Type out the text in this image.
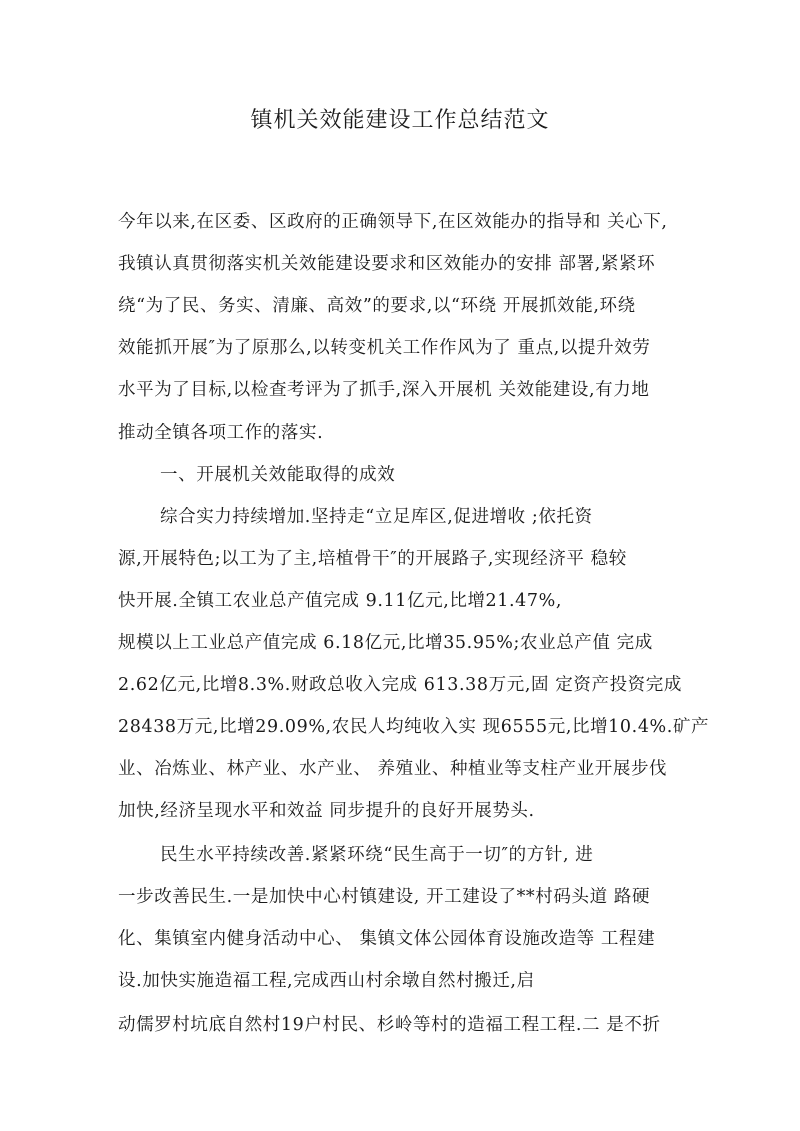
镇机关效能建设工作总结范文
今年以来,在区委、区政府的正确领导下,在区效能办的指导和 关心下,
我镇认真贯彻落实机关效能建设要求和区效能办的安排 部署,紧紧环
绕“为了民、务实、清廉、高效”的要求,以“环绕 开展抓效能,环绕
效能抓开展″为了原那么,以转变机关工作作风为了 重点,以提升效劳
水平为了目标,以检查考评为了抓手,深入开展机 关效能建设,有力地
推动全镇各项工作的落实.
一、开展机关效能取得的成效
综合实力持续增加.坚持走“立足库区,促进增收 ;依托资
源,开展特色;以工为了主,培植骨干″的开展路子,实现经济平 稳较
快开展.全镇工农业总产值完成 9.11亿元,比增21.47%,
规模以上工业总产值完成 6.18亿元,比增35.95%;农业总产值 完成
2.62亿元,比增8.3%.财政总收入完成 613.38万元,固 定资产投资完成
28438万元,比增29.09%,农民人均纯收入实 现6555元,比增10.4%.矿产
业、冶炼业、林产业、水产业、 养殖业、种植业等支柱产业开展步伐
加快,经济呈现水平和效益 同步提升的良好开展势头.
民生水平持续改善.紧紧环绕“民生高于一切″的方针, 进
一步改善民生.一是加快中心村镇建设, 开工建设了**村码头道 路硬
化、集镇室内健身活动中心、 集镇文体公园体育设施改造等 工程建
设.加快实施造福工程,完成西山村余墩自然村搬迁,启
动儒罗村坑底自然村19户村民、杉岭等村的造福工程工程.二 是不折
